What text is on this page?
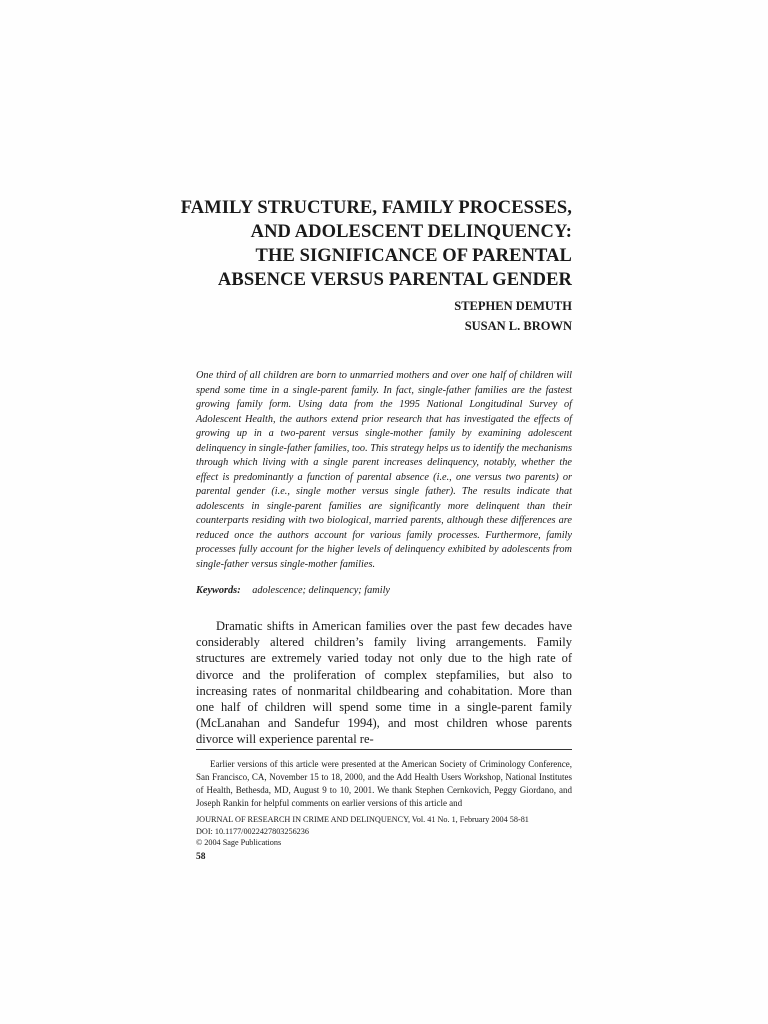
FAMILY STRUCTURE, FAMILY PROCESSES,
AND ADOLESCENT DELINQUENCY:
THE SIGNIFICANCE OF PARENTAL
ABSENCE VERSUS PARENTAL GENDER
STEPHEN DEMUTH
SUSAN L. BROWN
One third of all children are born to unmarried mothers and over one half of children will spend some time in a single-parent family. In fact, single-father families are the fastest growing family form. Using data from the 1995 National Longitudinal Survey of Adolescent Health, the authors extend prior research that has investigated the effects of growing up in a two-parent versus single-mother family by examining adolescent delinquency in single-father families, too. This strategy helps us to identify the mechanisms through which living with a single parent increases delinquency, notably, whether the effect is predominantly a function of parental absence (i.e., one versus two parents) or parental gender (i.e., single mother versus single father). The results indicate that adolescents in single-parent families are significantly more delinquent than their counterparts residing with two biological, married parents, although these differences are reduced once the authors account for various family processes. Furthermore, family processes fully account for the higher levels of delinquency exhibited by adolescents from single-father versus single-mother families.
Keywords: adolescence; delinquency; family
Dramatic shifts in American families over the past few decades have considerably altered children’s family living arrangements. Family structures are extremely varied today not only due to the high rate of divorce and the proliferation of complex stepfamilies, but also to increasing rates of nonmarital childbearing and cohabitation. More than one half of children will spend some time in a single-parent family (McLanahan and Sandefur 1994), and most children whose parents divorce will experience parental re-
Earlier versions of this article were presented at the American Society of Criminology Conference, San Francisco, CA, November 15 to 18, 2000, and the Add Health Users Workshop, National Institutes of Health, Bethesda, MD, August 9 to 10, 2001. We thank Stephen Cernkovich, Peggy Giordano, and Joseph Rankin for helpful comments on earlier versions of this article and
JOURNAL OF RESEARCH IN CRIME AND DELINQUENCY, Vol. 41 No. 1, February 2004 58-81
DOI: 10.1177/0022427803256236
© 2004 Sage Publications
58
